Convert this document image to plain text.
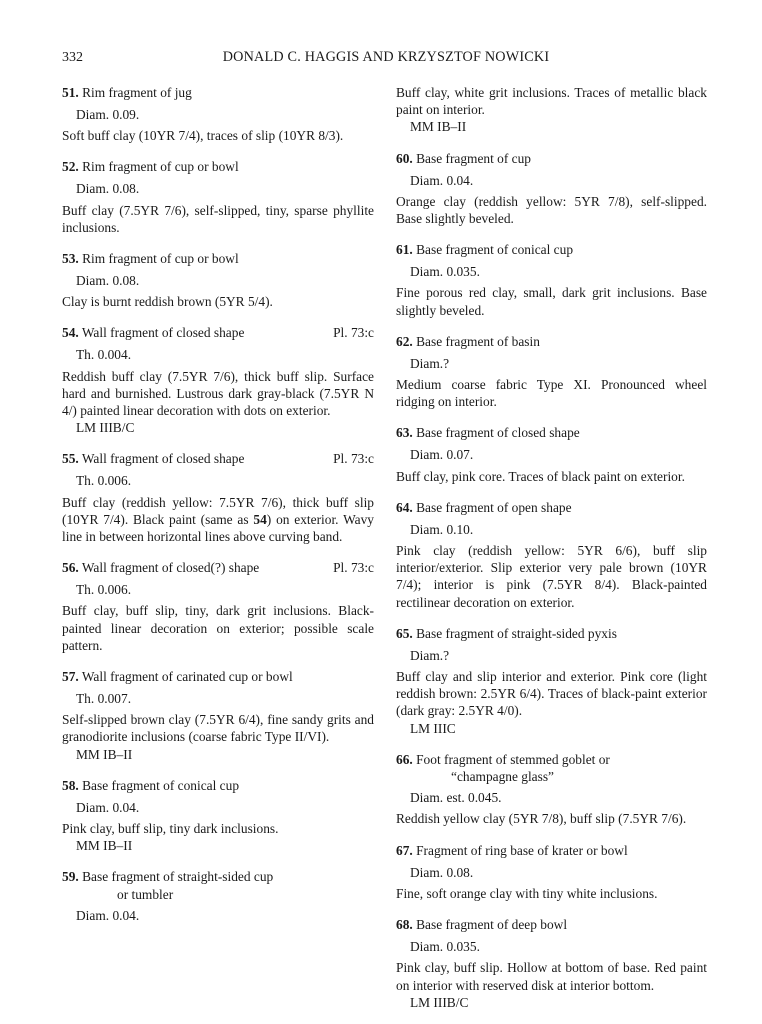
332	DONALD C. HAGGIS AND KRZYSZTOF NOWICKI
51. Rim fragment of jug
Diam. 0.09.
Soft buff clay (10YR 7/4), traces of slip (10YR 8/3).
52. Rim fragment of cup or bowl
Diam. 0.08.
Buff clay (7.5YR 7/6), self-slipped, tiny, sparse phyllite inclusions.
53. Rim fragment of cup or bowl
Diam. 0.08.
Clay is burnt reddish brown (5YR 5/4).
54. Wall fragment of closed shape	Pl. 73:c
Th. 0.004.
Reddish buff clay (7.5YR 7/6), thick buff slip. Surface hard and burnished. Lustrous dark gray-black (7.5YR N 4/) painted linear decoration with dots on exterior.
LM IIIB/C
55. Wall fragment of closed shape	Pl. 73:c
Th. 0.006.
Buff clay (reddish yellow: 7.5YR 7/6), thick buff slip (10YR 7/4). Black paint (same as 54) on exterior. Wavy line in between horizontal lines above curving band.
56. Wall fragment of closed(?) shape	Pl. 73:c
Th. 0.006.
Buff clay, buff slip, tiny, dark grit inclusions. Black-painted linear decoration on exterior; possible scale pattern.
57. Wall fragment of carinated cup or bowl
Th. 0.007.
Self-slipped brown clay (7.5YR 6/4), fine sandy grits and granodiorite inclusions (coarse fabric Type II/VI).
MM IB–II
58. Base fragment of conical cup
Diam. 0.04.
Pink clay, buff slip, tiny dark inclusions.
MM IB–II
59. Base fragment of straight-sided cup
or tumbler
Diam. 0.04.
Buff clay, white grit inclusions. Traces of metallic black paint on interior.
MM IB–II
60. Base fragment of cup
Diam. 0.04.
Orange clay (reddish yellow: 5YR 7/8), self-slipped. Base slightly beveled.
61. Base fragment of conical cup
Diam. 0.035.
Fine porous red clay, small, dark grit inclusions. Base slightly beveled.
62. Base fragment of basin
Diam.?
Medium coarse fabric Type XI. Pronounced wheel ridging on interior.
63. Base fragment of closed shape
Diam. 0.07.
Buff clay, pink core. Traces of black paint on exterior.
64. Base fragment of open shape
Diam. 0.10.
Pink clay (reddish yellow: 5YR 6/6), buff slip interior/exterior. Slip exterior very pale brown (10YR 7/4); interior is pink (7.5YR 8/4). Black-painted rectilinear decoration on exterior.
65. Base fragment of straight-sided pyxis
Diam.?
Buff clay and slip interior and exterior. Pink core (light reddish brown: 2.5YR 6/4). Traces of black-paint exterior (dark gray: 2.5YR 4/0).
LM IIIC
66. Foot fragment of stemmed goblet or
“champagne glass”
Diam. est. 0.045.
Reddish yellow clay (5YR 7/8), buff slip (7.5YR 7/6).
67. Fragment of ring base of krater or bowl
Diam. 0.08.
Fine, soft orange clay with tiny white inclusions.
68. Base fragment of deep bowl
Diam. 0.035.
Pink clay, buff slip. Hollow at bottom of base. Red paint on interior with reserved disk at interior bottom.
LM IIIB/C
